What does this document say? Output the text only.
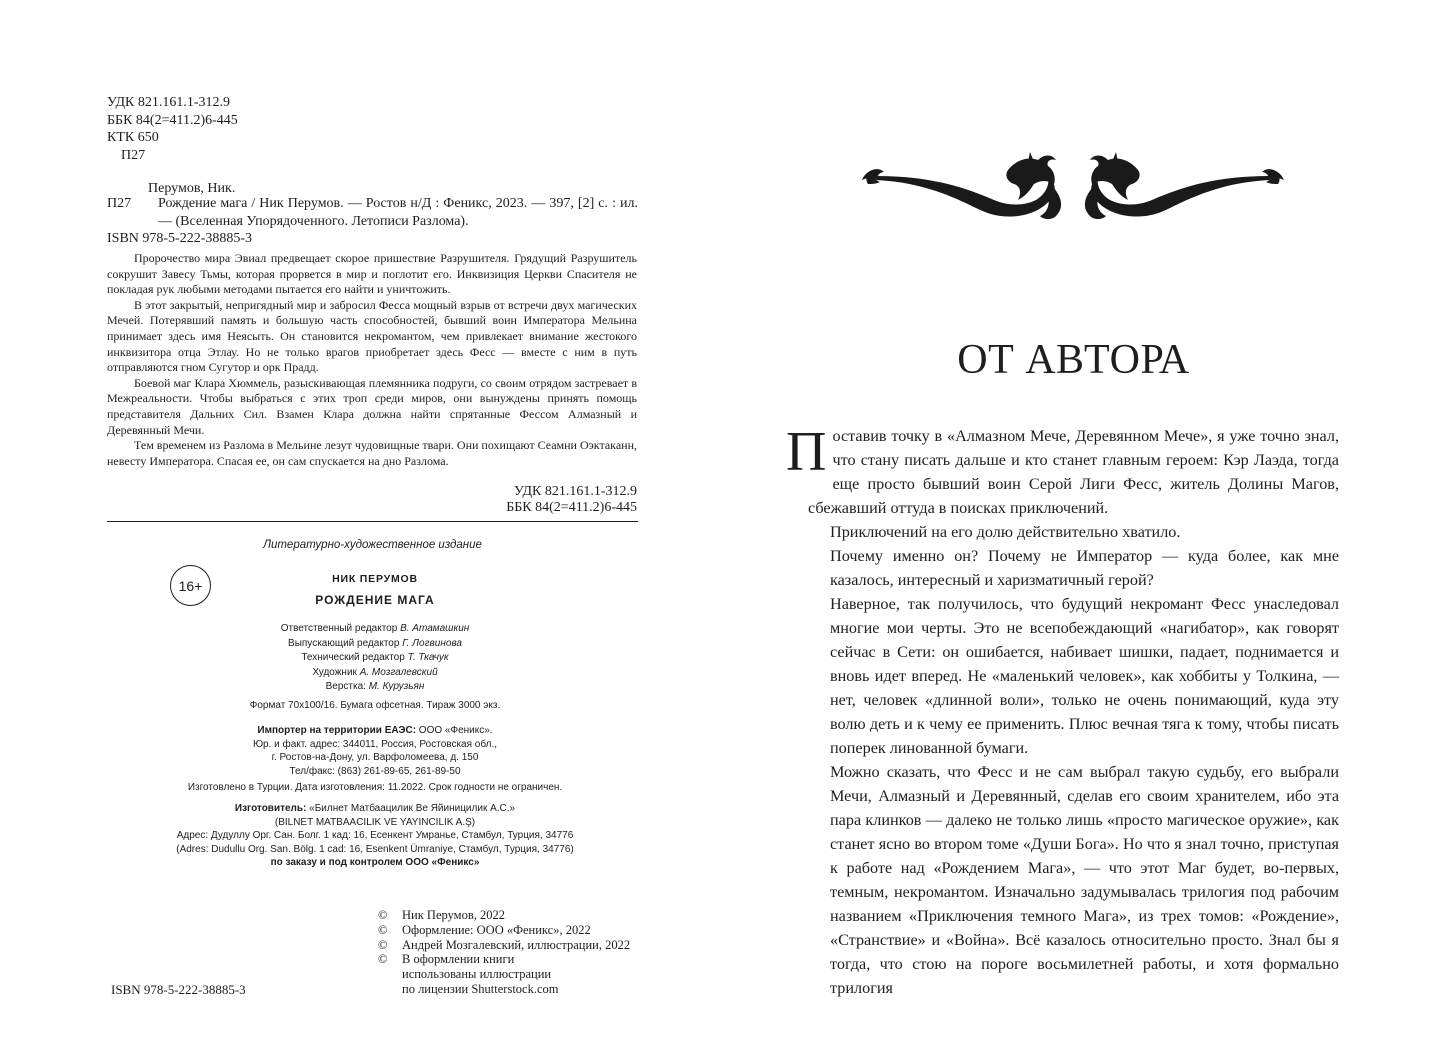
УДК 821.161.1-312.9
ББК 84(2=411.2)6-445
КТК 650
П27
Перумов, Ник.
П27 Рождение мага / Ник Перумов. — Ростов н/Д : Феникс, 2023. — 397, [2] с. : ил. — (Вселенная Упорядоченного. Летописи Разлома).
ISBN 978-5-222-38885-3

Пророчество мира Эвиал предвещает скорое пришествие Разрушителя. Грядущий Разрушитель сокрушит Завесу Тьмы, которая прорвется в мир и поглотит его. Инквизиция Церкви Спасителя не покладая рук любыми методами пытается его найти и уничтожить.

В этот закрытый, непригядный мир и забросил Фесса мощный взрыв от встречи двух магических Мечей. Потерявший память и большую часть способностей, бывший воин Императора Мельина принимает здесь имя Неясыть. Он становится некромантом, чем привлекает внимание жестокого инквизитора отца Этлау. Но не только врагов приобретает здесь Фесс — вместе с ним в путь отправляются гном Сугутор и орк Прадд.

Боевой маг Клара Хюммель, разыскивающая племянника подруги, со своим отрядом застревает в Межреальности. Чтобы выбраться с этих троп среди миров, они вынуждены принять помощь представителя Дальних Сил. Взамен Клара должна найти спрятанные Фессом Алмазный и Деревянный Мечи.

Тем временем из Разлома в Мельине лезут чудовищные твари. Они похищают Сеамни Оэктаканн, невесту Императора. Спасая ее, он сам спускается на дно Разлома.

УДК 821.161.1-312.9
ББК 84(2=411.2)6-445
Литературно-художественное издание
16+	НИК ПЕРУМОВ
РОЖДЕНИЕ МАГА
Ответственный редактор В. Атамашкин
Выпускающий редактор Г. Логвинова
Технический редактор Т. Ткачук
Художник А. Мозгалевский
Верстка: М. Курузьян
Формат 70x100/16. Бумага офсетная. Тираж 3000 экз.
Импортер на территории ЕАЭС: ООО «Феникс».
Юр. и факт. адрес: 344011, Россия, Ростовская обл.,
г. Ростов-на-Дону, ул. Варфоломеева, д. 150
Тел/факс: (863) 261-89-65, 261-89-50
Изготовлено в Турции. Дата изготовления: 11.2022. Срок годности не ограничен.
Изготовитель: «Билнет Матбаацилик Ве Яйиницилик А.С.»
(BILNET MATBAACILIK VE YAYINCILIK A.Ş)
Адрес: Дудуллу Орг. Сан. Болг. 1 кад: 16, Есенкент Умранье, Стамбул, Турция, 34776
(Adres: Dudullu Org. San. Bölg. 1 cad: 16, Esenkent Ümraniye, Стамбул, Турция, 34776)
по заказу и под контролем ООО «Феникс»
©	Ник Перумов, 2022
©	Оформление: ООО «Феникс», 2022
©	Андрей Мозгалевский, иллюстрации, 2022
©	В оформлении книги
использованы иллюстрации
по лицензии Shutterstock.com
ISBN 978-5-222-38885-3
ОТ АВТОРА

Поставив точку в «Алмазном Мече, Деревянном Мече», я уже точно знал, что стану писать дальше и кто станет главным героем: Кэр Лаэда, тогда еще просто бывший воин Серой Лиги Фесс, житель Долины Магов, сбежавший оттуда в поисках приключений.

Приключений на его долю действительно хватило.

Почему именно он? Почему не Император — куда более, как мне казалось, интересный и харизматичный герой?

Наверное, так получилось, что будущий некромант Фесс унаследовал многие мои черты. Это не всепобеждающий «нагибатор», как говорят сейчас в Сети: он ошибается, набивает шишки, падает, поднимается и вновь идет вперед. Не «маленький человек», как хоббиты у Толкина, — нет, человек «длинной воли», только не очень понимающий, куда эту волю деть и к чему ее применить. Плюс вечная тяга к тому, чтобы писать поперек линованной бумаги.

Можно сказать, что Фесс и не сам выбрал такую судьбу, его выбрали Мечи, Алмазный и Деревянный, сделав его своим хранителем, ибо эта пара клинков — далеко не только лишь «просто магическое оружие», как станет ясно во втором томе «Души Бога». Но что я знал точно, приступая к работе над «Рождением Мага», — что этот Маг будет, во-первых, темным, некромантом. Изначально задумывалась трилогия под рабочим названием «Приключения темного Мага», из трех томов: «Рождение», «Странствие» и «Война». Всё казалось относительно просто. Знал бы я тогда, что стою на пороге восьмилетней работы, и хотя формально трилогия
